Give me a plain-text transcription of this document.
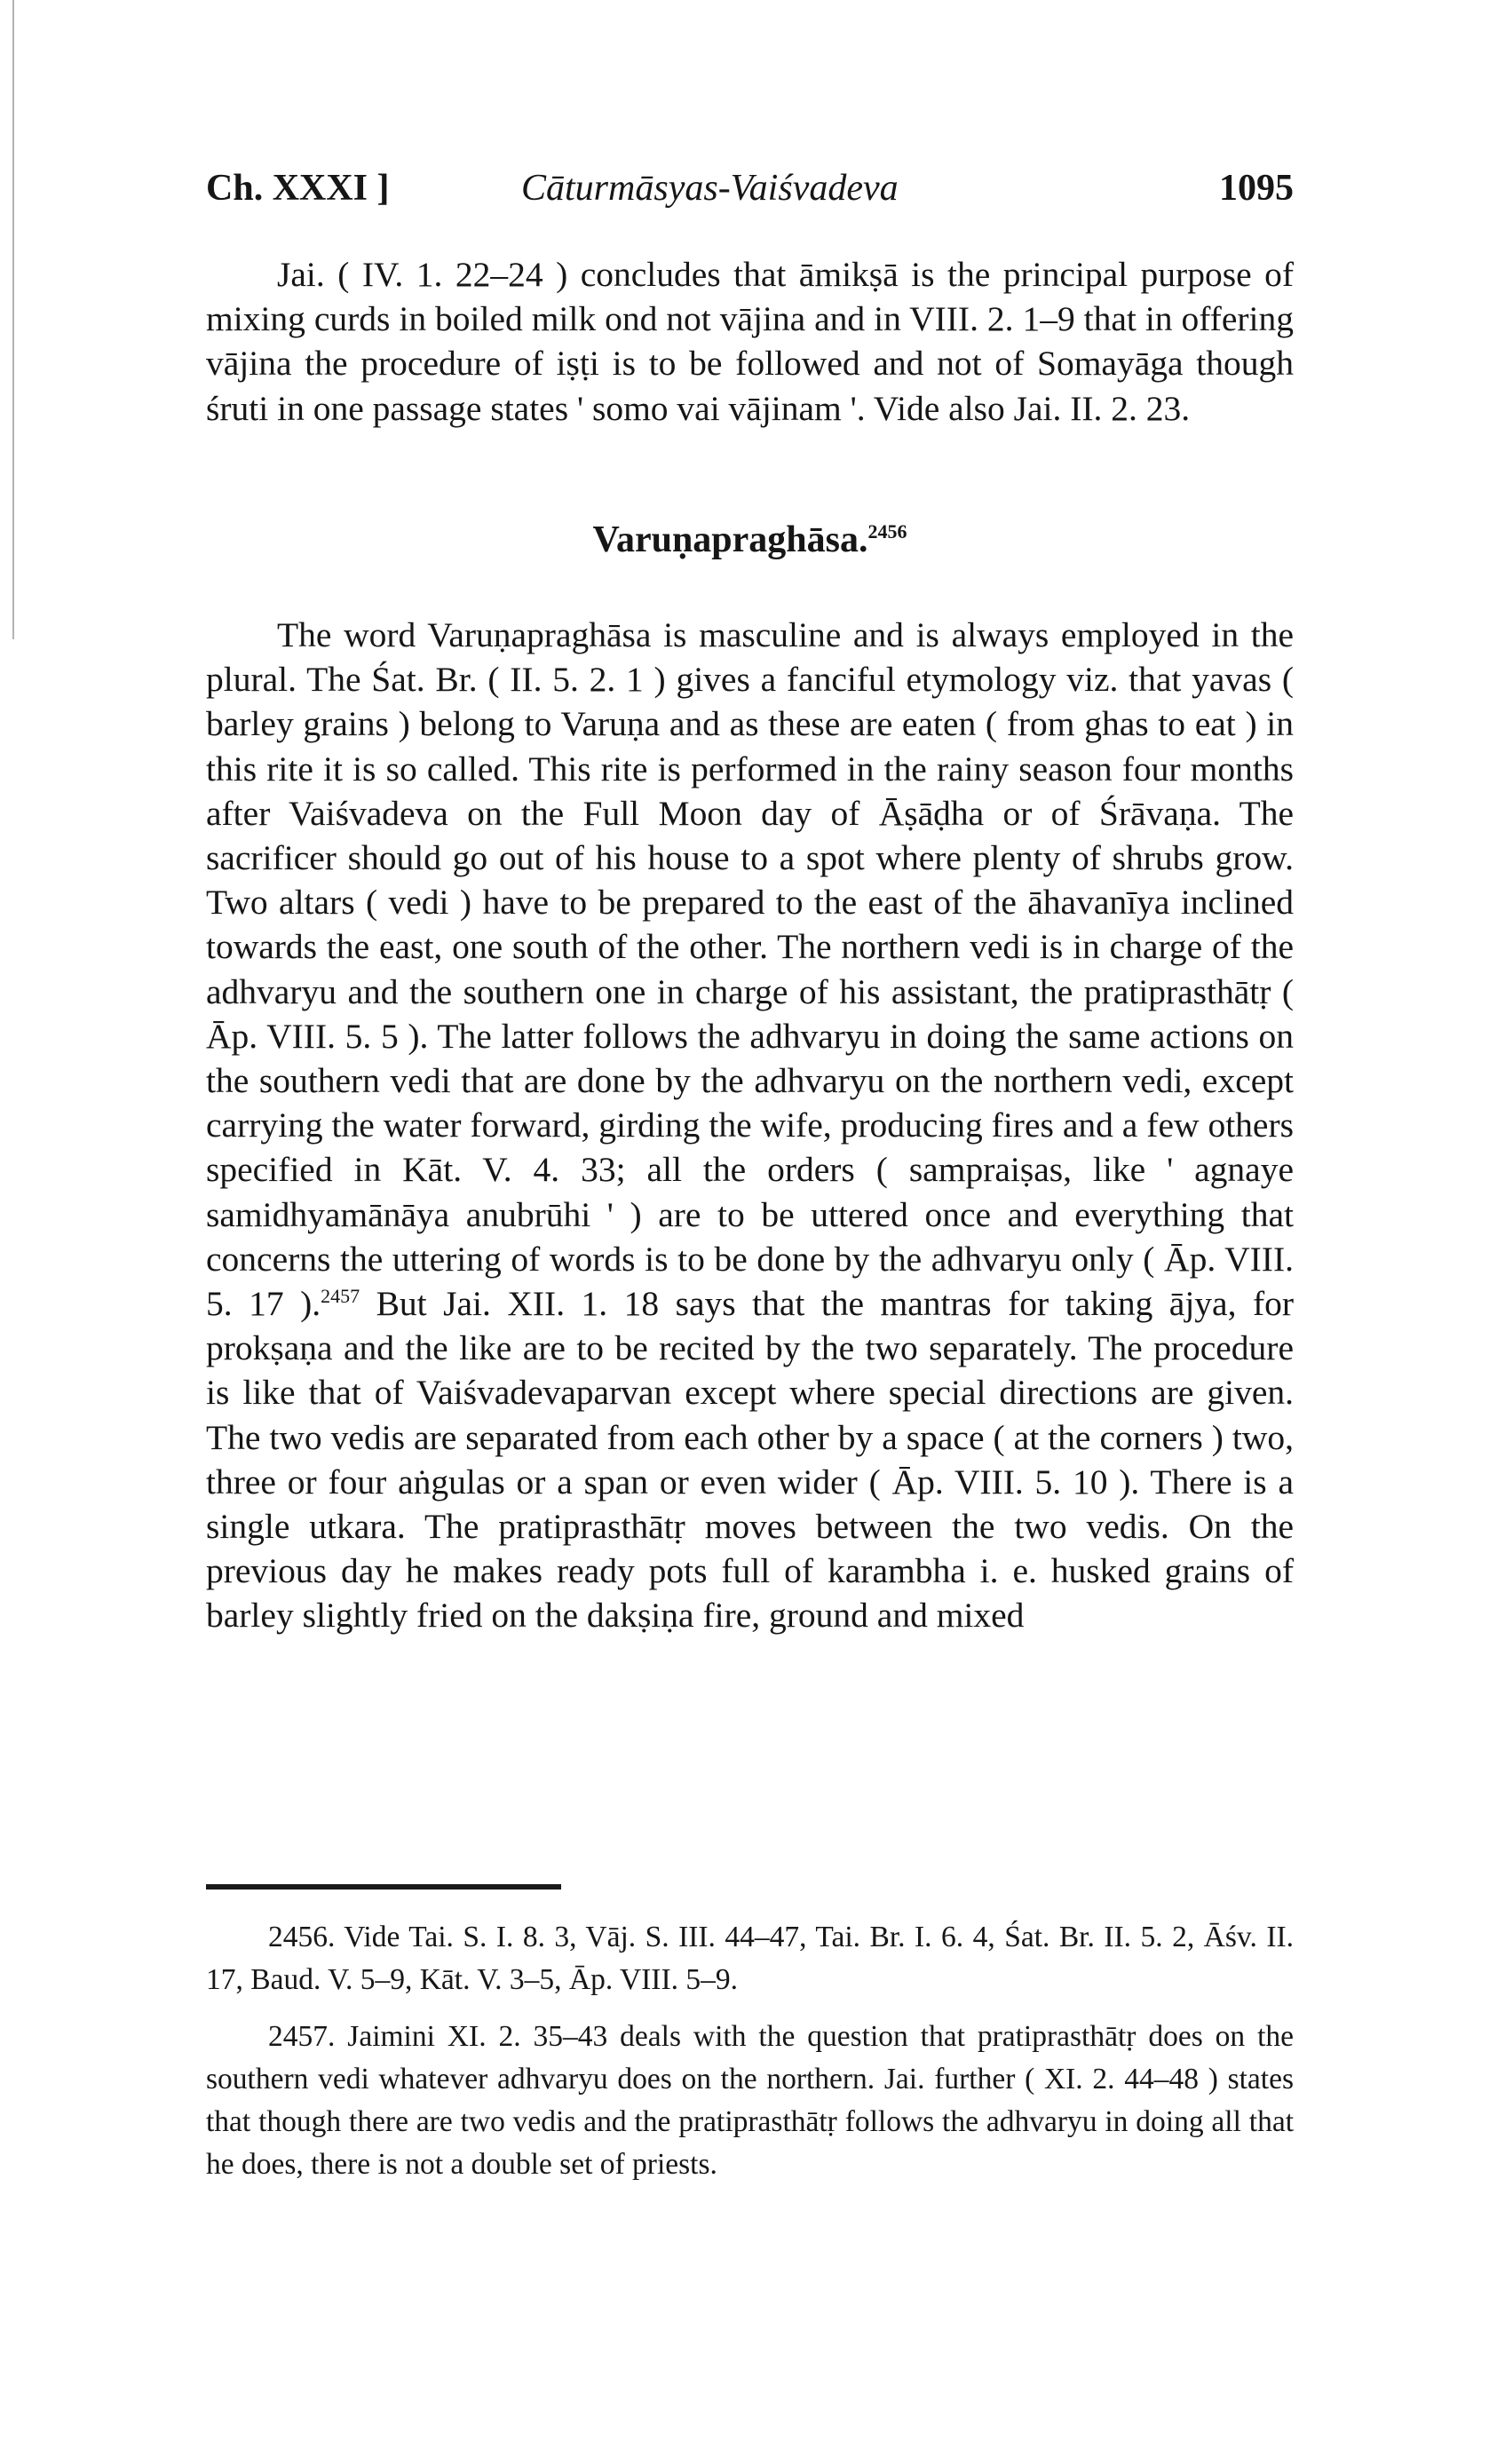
Ch. XXXI ]	Cāturmāsyas-Vaiśvadeva	1095

Jai. ( IV. 1. 22–24 ) concludes that āmikṣā is the principal purpose of mixing curds in boiled milk ond not vājina and in VIII. 2. 1–9 that in offering vājina the procedure of iṣṭi is to be followed and not of Somayāga though śruti in one passage states ' somo vai vājinam '. Vide also Jai. II. 2. 23.

Varuṇapraghāsa.$^{2456}$

The word Varuṇapraghāsa is masculine and is always employed in the plural. The Śat. Br. ( II. 5. 2. 1 ) gives a fanciful etymology viz. that yavas ( barley grains ) belong to Varuṇa and as these are eaten ( from ghas to eat ) in this rite it is so called. This rite is performed in the rainy season four months after Vaiśvadeva on the Full Moon day of Āṣāḍha or of Śrāvaṇa. The sacrificer should go out of his house to a spot where plenty of shrubs grow. Two altars ( vedi ) have to be prepared to the east of the āhavanīya inclined towards the east, one south of the other. The northern vedi is in charge of the adhvaryu and the southern one in charge of his assistant, the pratiprasthātṛ ( Āp. VIII. 5. 5 ). The latter follows the adhvaryu in doing the same actions on the southern vedi that are done by the adhvaryu on the northern vedi, except carrying the water forward, girding the wife, producing fires and a few others specified in Kāt. V. 4. 33; all the orders ( sampraiṣas, like ' agnaye samidhyamānāya anubrūhi ' ) are to be uttered once and everything that concerns the uttering of words is to be done by the adhvaryu only ( Āp. VIII. 5. 17 ).$^{2457}$ But Jai. XII. 1. 18 says that the mantras for taking ājya, for prokṣaṇa and the like are to be recited by the two separately. The procedure is like that of Vaiśvadevaparvan except where special directions are given. The two vedis are separated from each other by a space ( at the corners ) two, three or four aṅgulas or a span or even wider ( Āp. VIII. 5. 10 ). There is a single utkara. The pratiprasthātṛ moves between the two vedis. On the previous day he makes ready pots full of karambha i. e. husked grains of barley slightly fried on the dakṣiṇa fire, ground and mixed

2456. Vide Tai. S. I. 8. 3, Vāj. S. III. 44–47, Tai. Br. I. 6. 4, Śat. Br. II. 5. 2, Āśv. II. 17, Baud. V. 5–9, Kāt. V. 3–5, Āp. VIII. 5–9.

2457. Jaimini XI. 2. 35–43 deals with the question that pratiprasthātṛ does on the southern vedi whatever adhvaryu does on the northern. Jai. further ( XI. 2. 44–48 ) states that though there are two vedis and the pratiprasthātṛ follows the adhvaryu in doing all that he does, there is not a double set of priests.
